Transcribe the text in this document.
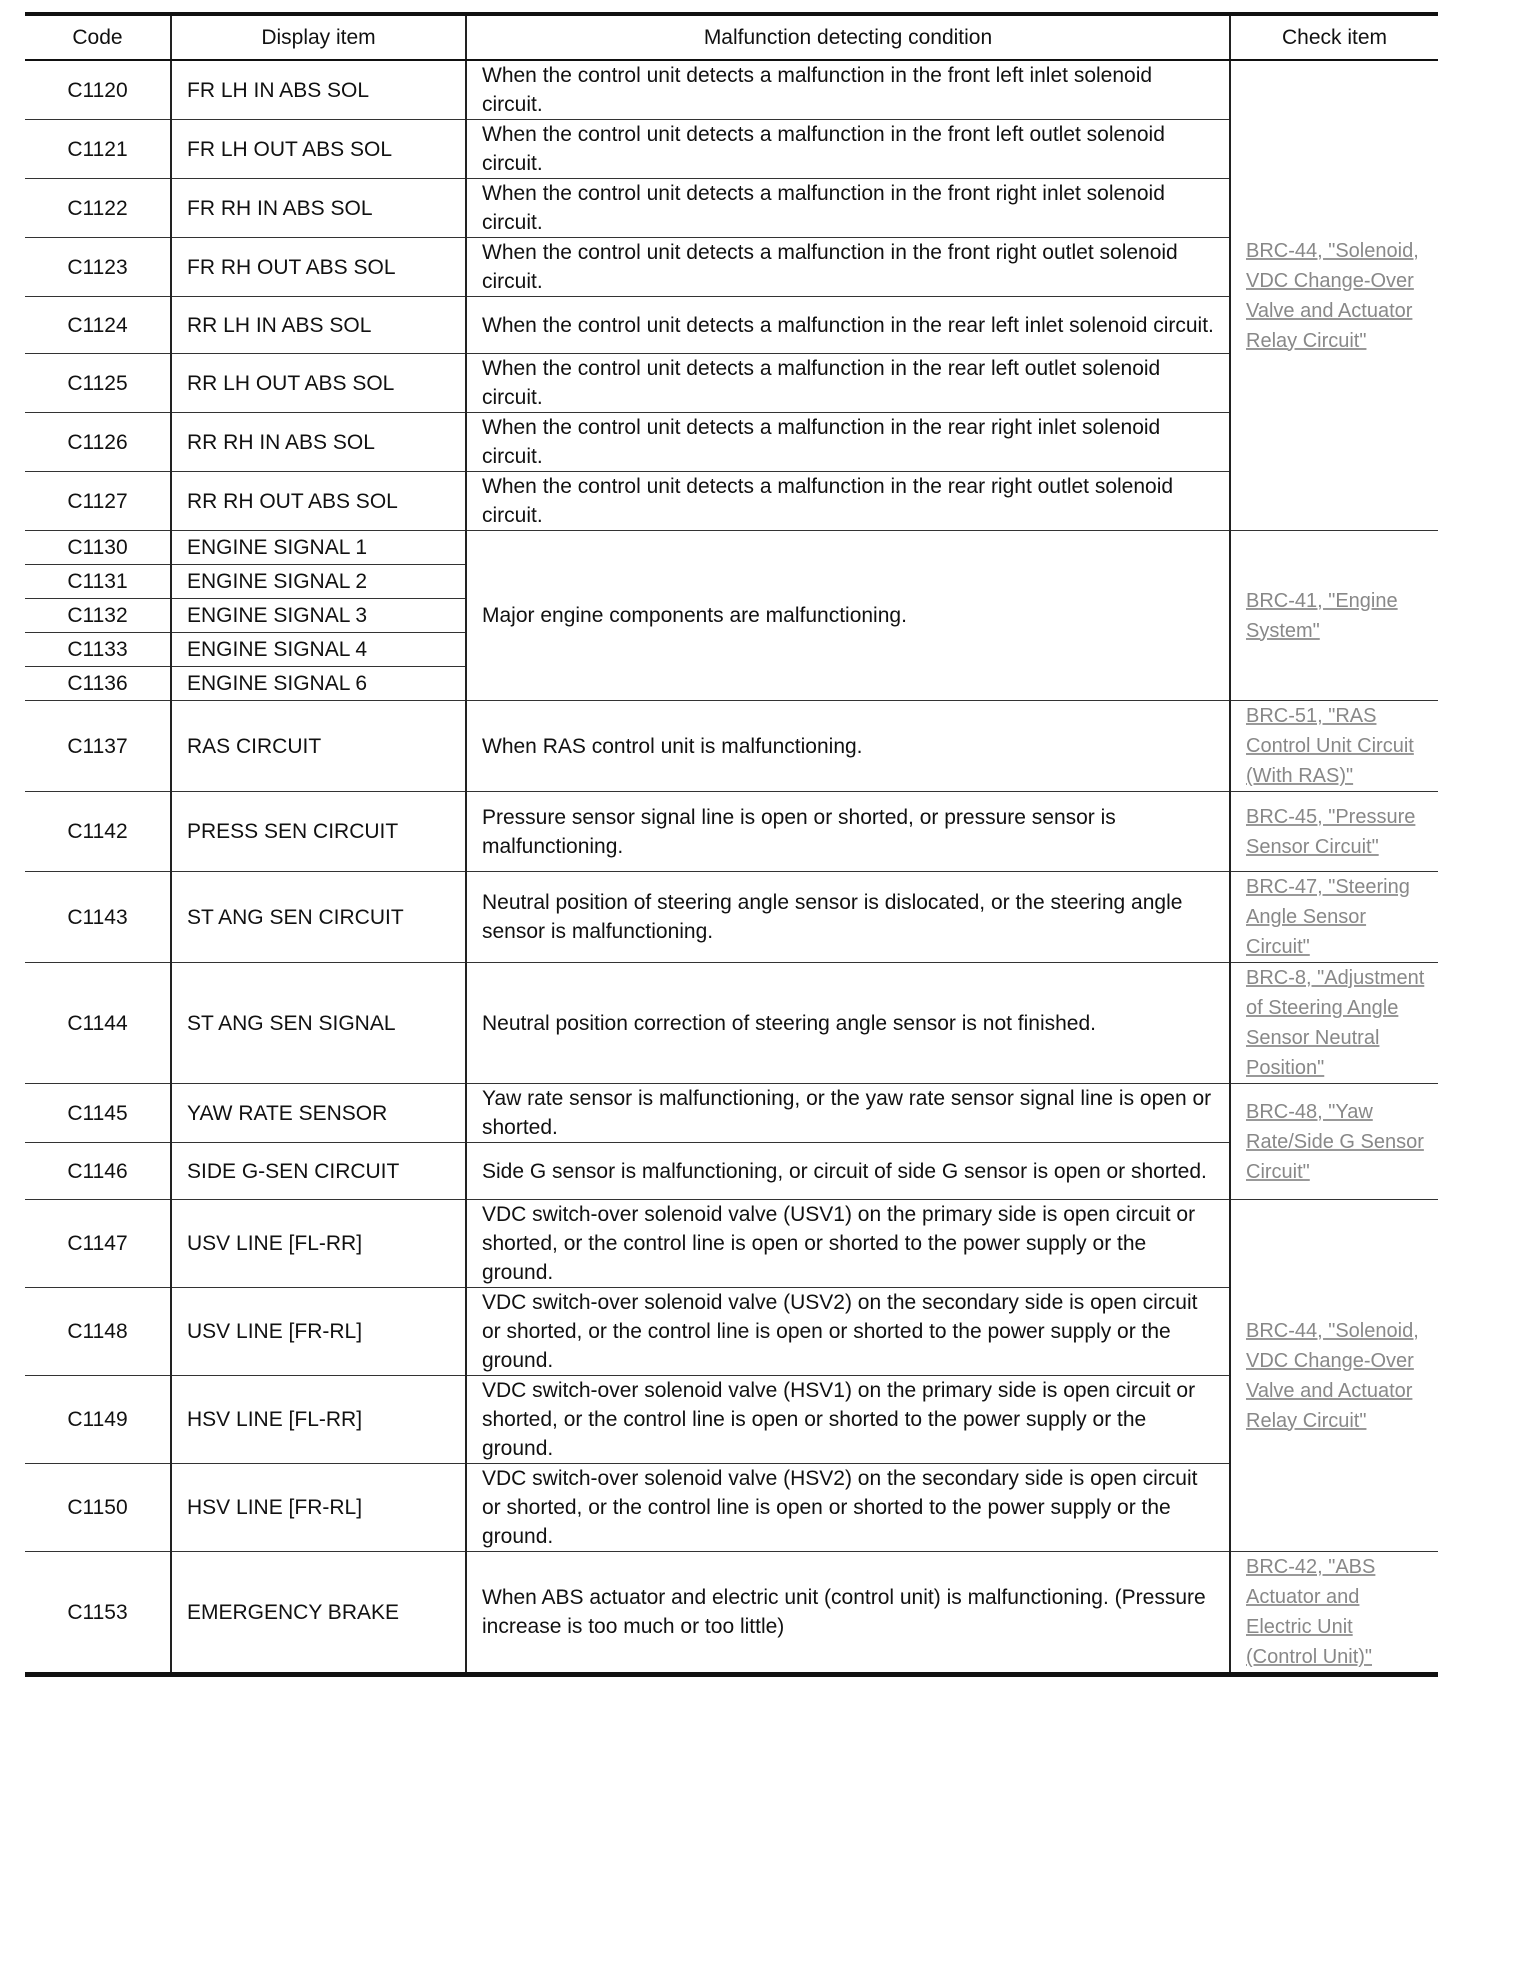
Code	Display item	Malfunction detecting condition	Check item
C1120	FR LH IN ABS SOL	When the control unit detects a malfunction in the front left inlet solenoid circuit.	BRC-44, "Solenoid, VDC Change-Over Valve and Actuator Relay Circuit"
C1121	FR LH OUT ABS SOL	When the control unit detects a malfunction in the front left outlet solenoid circuit.	
C1122	FR RH IN ABS SOL	When the control unit detects a malfunction in the front right inlet solenoid circuit.	
C1123	FR RH OUT ABS SOL	When the control unit detects a malfunction in the front right outlet solenoid circuit.	
C1124	RR LH IN ABS SOL	When the control unit detects a malfunction in the rear left inlet solenoid circuit.	
C1125	RR LH OUT ABS SOL	When the control unit detects a malfunction in the rear left outlet solenoid circuit.	
C1126	RR RH IN ABS SOL	When the control unit detects a malfunction in the rear right inlet solenoid circuit.	
C1127	RR RH OUT ABS SOL	When the control unit detects a malfunction in the rear right outlet solenoid circuit.	
C1130	ENGINE SIGNAL 1	Major engine components are malfunctioning.	BRC-41, "Engine System"
C1131	ENGINE SIGNAL 2		
C1132	ENGINE SIGNAL 3		
C1133	ENGINE SIGNAL 4		
C1136	ENGINE SIGNAL 6		
C1137	RAS CIRCUIT	When RAS control unit is malfunctioning.	BRC-51, "RAS Control Unit Circuit (With RAS)"
C1142	PRESS SEN CIRCUIT	Pressure sensor signal line is open or shorted, or pressure sensor is malfunctioning.	BRC-45, "Pressure Sensor Circuit"
C1143	ST ANG SEN CIRCUIT	Neutral position of steering angle sensor is dislocated, or the steering angle sensor is malfunctioning.	BRC-47, "Steering Angle Sensor Circuit"
C1144	ST ANG SEN SIGNAL	Neutral position correction of steering angle sensor is not finished.	BRC-8, "Adjustment of Steering Angle Sensor Neutral Position"
C1145	YAW RATE SENSOR	Yaw rate sensor is malfunctioning, or the yaw rate sensor signal line is open or shorted.	BRC-48, "Yaw Rate/Side G Sensor Circuit"
C1146	SIDE G-SEN CIRCUIT	Side G sensor is malfunctioning, or circuit of side G sensor is open or shorted.	
C1147	USV LINE [FL-RR]	VDC switch-over solenoid valve (USV1) on the primary side is open circuit or shorted, or the control line is open or shorted to the power supply or the ground.	BRC-44, "Solenoid, VDC Change-Over Valve and Actuator Relay Circuit"
C1148	USV LINE [FR-RL]	VDC switch-over solenoid valve (USV2) on the secondary side is open circuit or shorted, or the control line is open or shorted to the power supply or the ground.	
C1149	HSV LINE [FL-RR]	VDC switch-over solenoid valve (HSV1) on the primary side is open circuit or shorted, or the control line is open or shorted to the power supply or the ground.	
C1150	HSV LINE [FR-RL]	VDC switch-over solenoid valve (HSV2) on the secondary side is open circuit or shorted, or the control line is open or shorted to the power supply or the ground.	
C1153	EMERGENCY BRAKE	When ABS actuator and electric unit (control unit) is malfunctioning. (Pressure increase is too much or too little)	BRC-42, "ABS Actuator and Electric Unit (Control Unit)"
